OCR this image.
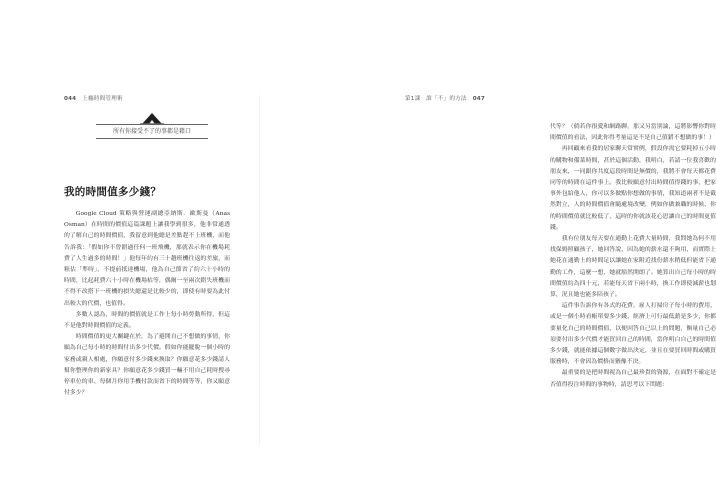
044 上癮時間管理術
所有你接受不了的事都是藉口
我的時間值多少錢？

Google Cloud 策略與營運副總亞納斯．歐斯曼（Anas Osman）在時間的價值這篇課題上讓我學到很多，他非常通透的了解自己的時間價值，我留意到他總是差點趕不上班機，而他告訴我：「假如你不曾錯過任何一班飛機，那就表示你在機場耗費了人生過多的時間！」他每年約有三十趟班機往返的差旅，而粗估「準時」，不提前抵達機場，他為自己節省了約六十小時的時間，比起耗費六十小時在機場枯等，偶爾一至兩次錯失班機而不得不改搭下一班機的損失總還是比較少的，即使有時要為此付出較大的代價，也值得。

多數人認為，時間的價值就是工作上每小時勞動所得，但這不是他對時間價值的定義。

時間價值的更大關鍵在於，為了避開自己不想做的事情，你願為自己每小時的時間付出多少代價。假如你能擺脫一個小時的家務或親人相處，你願意付多少錢來換取？你願意花多少錢請人幫你整理你的新家具？你願意花多少錢買一輛不用自己耗時搜尋停車位的車、每個月你用手機付款而省下的時間等等，你又願意付多少？

第1課　誰「不」的方法 047

代等？（倘若你很愛和網路聊，那又另當別論，這將影響你對時間價值的看法，因此你得考量這是不是自己值錯不想做的事！）

再回顧來看我的居家聊天常實例，假設你需它要耗掉五小時的購物和備菜時間，甚於這個活動，我明白，若請一位我喜歡的朋友來，一同跟你共度這段時間是無價的，我將不會每天都花費同等的時間在這件事上。我比較願意付出時間值得錢的事，把家事外包給他人，你可以多做點你想做的事情，我知道兩者不是截然對立，人的時間價值會隨處境改變，例如你做兼職的時候、你的時間價值就比較低了，這時的你就該花心思讓自己的時間更值錢。

我有位朋友每天要在通勤上花費大量時間，我問她為何不用找保姆照顧孩子，她回答說，因為她的薪水還不夠用，而實際上她花在通勤上的時間足以讓她在家附近找份薪水稍低但能省下通勤的工作，這麼一想，她就豁然開朗了。她算出自己每小時的時間價值約為四十元，若能每天省下兩小時，換工作即使減薪也划算，況且她也能多陪孩子。

這件事告訴你有各式的花費，雇人打掃房子每小時的費用，或是一個小時看帳單要多少錢、經濟上可行最低薪是多少，你都要量化自己的時間價值，以便回答自己以上的問題，衡量自己必須要付出多少代價才能買回自己的時間，當你明白自己的時間值多少錢，就能依據這個數字做出決定，並且在要買回時間或購買服務時，不會因為價格而猶豫不決。

最重要的是把時間視為自己最珍貴的資源，在面對不確定是否值得投注時間的事物時，請思考以下問題：
